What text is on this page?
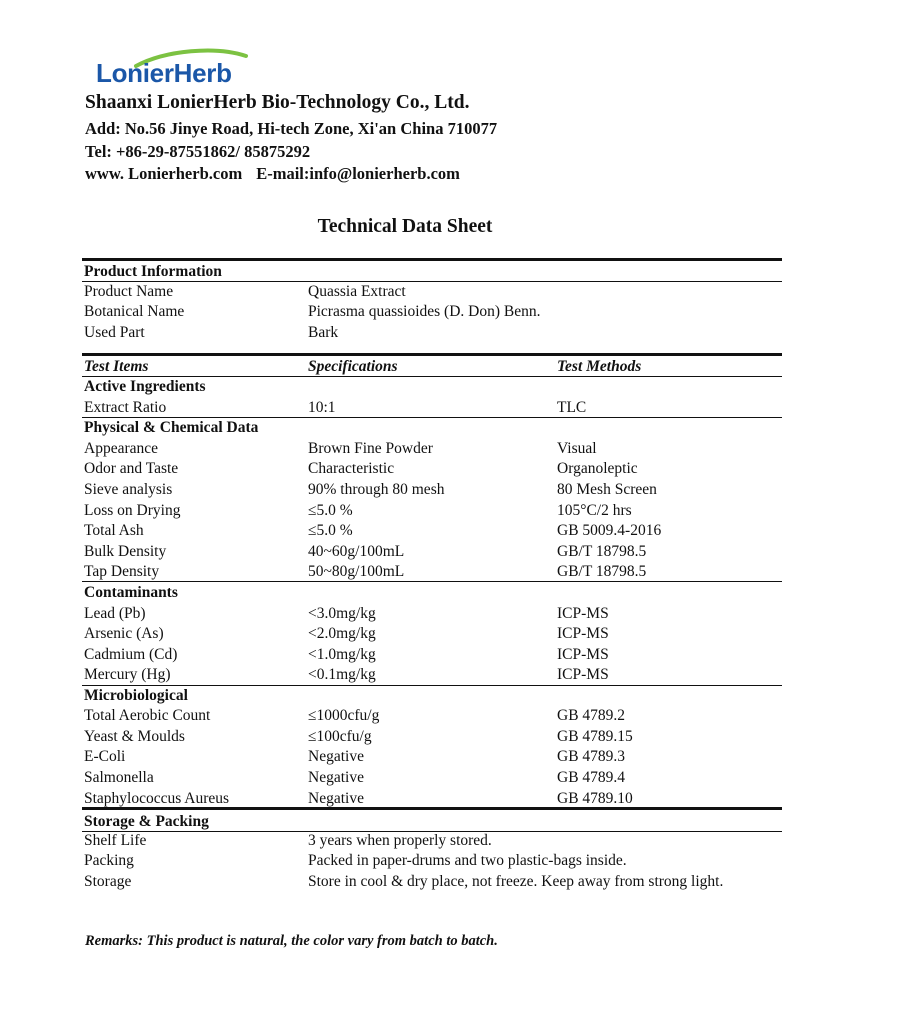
LonierHerb
Shaanxi LonierHerb Bio-Technology Co., Ltd.
Add: No.56 Jinye Road, Hi-tech Zone, Xi'an China 710077
Tel: +86-29-87551862/ 85875292
www. Lonierherb.com E-mail:info@lonierherb.com
Technical Data Sheet
Product Information
Product Name	Quassia Extract
Botanical Name	Picrasma quassioides (D. Don) Benn.
Used Part	Bark
Test Items	Specifications	Test Methods
Active Ingredients
Extract Ratio	10:1	TLC
Physical & Chemical Data
Appearance	Brown Fine Powder	Visual
Odor and Taste	Characteristic	Organoleptic
Sieve analysis	90% through 80 mesh	80 Mesh Screen
Loss on Drying	≤5.0 %	105°C/2 hrs
Total Ash	≤5.0 %	GB 5009.4-2016
Bulk Density	40~60g/100mL	GB/T 18798.5
Tap Density	50~80g/100mL	GB/T 18798.5
Contaminants
Lead (Pb)	<3.0mg/kg	ICP-MS
Arsenic (As)	<2.0mg/kg	ICP-MS
Cadmium (Cd)	<1.0mg/kg	ICP-MS
Mercury (Hg)	<0.1mg/kg	ICP-MS
Microbiological
Total Aerobic Count	≤1000cfu/g	GB 4789.2
Yeast & Moulds	≤100cfu/g	GB 4789.15
E-Coli	Negative	GB 4789.3
Salmonella	Negative	GB 4789.4
Staphylococcus Aureus	Negative	GB 4789.10
Storage & Packing
Shelf Life	3 years when properly stored.
Packing	Packed in paper-drums and two plastic-bags inside.
Storage	Store in cool & dry place, not freeze. Keep away from strong light.
Remarks: This product is natural, the color vary from batch to batch.
